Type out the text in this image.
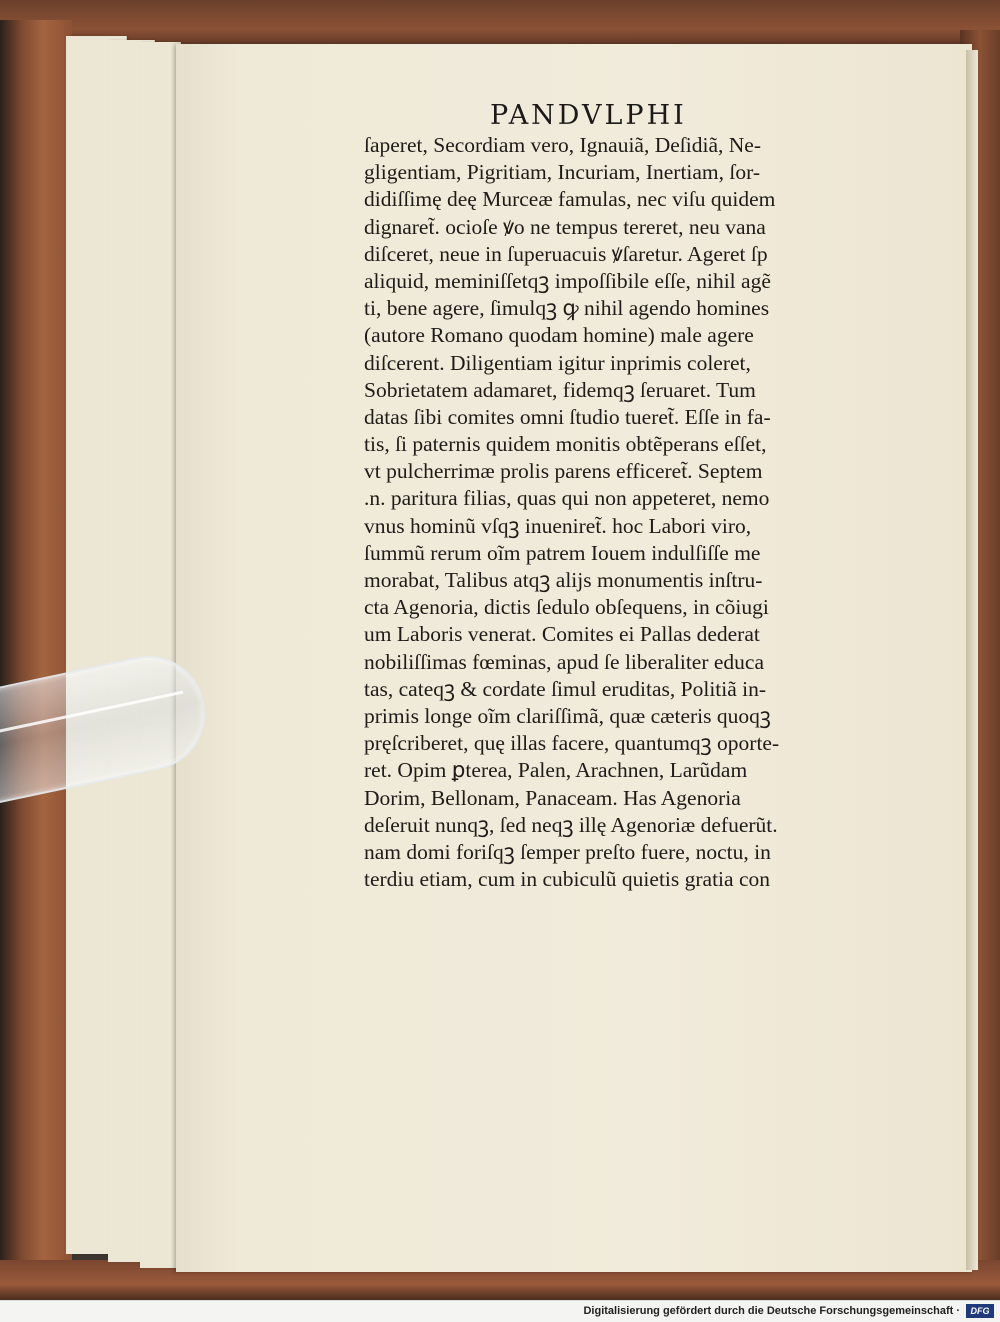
PANDVLPHI
ſaperet, Secordiam vero, Ignauiã, Deſidiã, Ne-
gligentiam, Pigritiam, Incuriam, Inertiam, ſor-
didiſſimę deę Murceæ famulas, nec viſu quidem
dignaret̃. ocioſe ꝟo ne tempus tereret, neu vana
diſceret, neue in ſuperuacuis ꝟſaretur. Ageret ſp
aliquid, meminiſſetqꝫ impoſſibile eſſe, nihil agẽ
ti, bene agere, ſimulqꝫ ꝙ nihil agendo homines
(autore Romano quodam homine) male agere
diſcerent. Diligentiam igitur inprimis coleret,
Sobrietatem adamaret, fidemqꝫ ſeruaret. Tum
datas ſibi comites omni ſtudio tueret̃. Eſſe in fa-
tis, ſi paternis quidem monitis obtẽperans eſſet,
vt pulcherrimæ prolis parens efficeret̃. Septem
.n. paritura filias, quas qui non appeteret, nemo
vnus hominũ vſqꝫ inueniret̃. hoc Labori viro,
ſummũ rerum oĩm patrem Iouem indulſiſſe me
morabat, Talibus atqꝫ alijs monumentis inſtru-
cta Agenoria, dictis ſedulo obſequens, in cõiugi
um Laboris venerat. Comites ei Pallas dederat
nobiliſſimas fœminas, apud ſe liberaliter educa
tas, cateqꝫ & cordate ſimul eruditas, Politiã in-
primis longe oĩm clariſſimã, quæ cæteris quoqꝫ
pręſcriberet, quę illas facere, quantumqꝫ oporte-
ret. Opim ꝑterea, Palen, Arachnen, Larũdam
Dorim, Bellonam, Panaceam. Has Agenoria
deſeruit nunqꝫ, ſed neqꝫ illę Agenoriæ defuerũt.
nam domi foriſqꝫ ſemper preſto fuere, noctu, in
terdiu etiam, cum in cubiculũ quietis gratia con
Digitalisierung gefördert durch die Deutsche Forschungsgemeinschaft ·	DFG
